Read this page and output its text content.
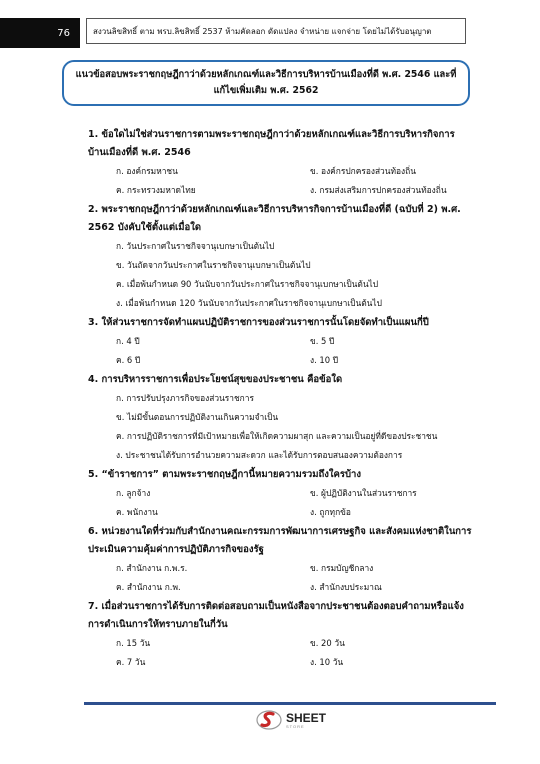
76	สงวนลิขสิทธิ์ ตาม พรบ.ลิขสิทธิ์ 2537 ห้ามคัดลอก ดัดแปลง จำหน่าย แจกจ่าย โดยไม่ได้รับอนุญาต
แนวข้อสอบพระราชกฤษฎีกาว่าด้วยหลักเกณฑ์และวิธีการบริหารบ้านเมืองที่ดี พ.ศ. 2546 และที่
แก้ไขเพิ่มเติม พ.ศ. 2562
1. ข้อใดไม่ใช่ส่วนราชการตามพระราชกฤษฎีกาว่าด้วยหลักเกณฑ์และวิธีการบริหารกิจการ
บ้านเมืองที่ดี พ.ศ. 2546
ก. องค์กรมหาชน	ข. องค์กรปกครองส่วนท้องถิ่น
ค. กระทรวงมหาดไทย	ง. กรมส่งเสริมการปกครองส่วนท้องถิ่น
2. พระราชกฤษฎีกาว่าด้วยหลักเกณฑ์และวิธีการบริหารกิจการบ้านเมืองที่ดี (ฉบับที่ 2) พ.ศ.
2562 บังคับใช้ตั้งแต่เมื่อใด
ก. วันประกาศในราชกิจจานุเบกษาเป็นต้นไป
ข. วันถัดจากวันประกาศในราชกิจจานุเบกษาเป็นต้นไป
ค. เมื่อพ้นกำหนด 90 วันนับจากวันประกาศในราชกิจจานุเบกษาเป็นต้นไป
ง. เมื่อพ้นกำหนด 120 วันนับจากวันประกาศในราชกิจจานุเบกษาเป็นต้นไป
3. ให้ส่วนราชการจัดทำแผนปฏิบัติราชการของส่วนราชการนั้นโดยจัดทำเป็นแผนกี่ปี
ก. 4 ปี	ข. 5 ปี
ค. 6 ปี	ง. 10 ปี
4. การบริหารราชการเพื่อประโยชน์สุขของประชาชน คือข้อใด
ก. การปรับปรุงภารกิจของส่วนราชการ
ข. ไม่มีขั้นตอนการปฏิบัติงานเกินความจำเป็น
ค. การปฏิบัติราชการที่มีเป้าหมายเพื่อให้เกิดความผาสุก และความเป็นอยู่ที่ดีของประชาชน
ง. ประชาชนได้รับการอำนวยความสะดวก และได้รับการตอบสนองความต้องการ
5. “ข้าราชการ” ตามพระราชกฤษฎีกานี้หมายความรวมถึงใครบ้าง
ก. ลูกจ้าง	ข. ผู้ปฏิบัติงานในส่วนราชการ
ค. พนักงาน	ง. ถูกทุกข้อ
6. หน่วยงานใดที่ร่วมกับสำนักงานคณะกรรมการพัฒนาการเศรษฐกิจ และสังคมแห่งชาติในการ
ประเมินความคุ้มค่าการปฏิบัติภารกิจของรัฐ
ก. สำนักงาน ก.พ.ร.	ข. กรมบัญชีกลาง
ค. สำนักงาน ก.พ.	ง. สำนักงบประมาณ
7. เมื่อส่วนราชการได้รับการติดต่อสอบถามเป็นหนังสือจากประชาชนต้องตอบคำถามหรือแจ้ง
การดำเนินการให้ทราบภายในกี่วัน
ก. 15 วัน	ข. 20 วัน
ค. 7 วัน	ง. 10 วัน
SHEET
STORE
